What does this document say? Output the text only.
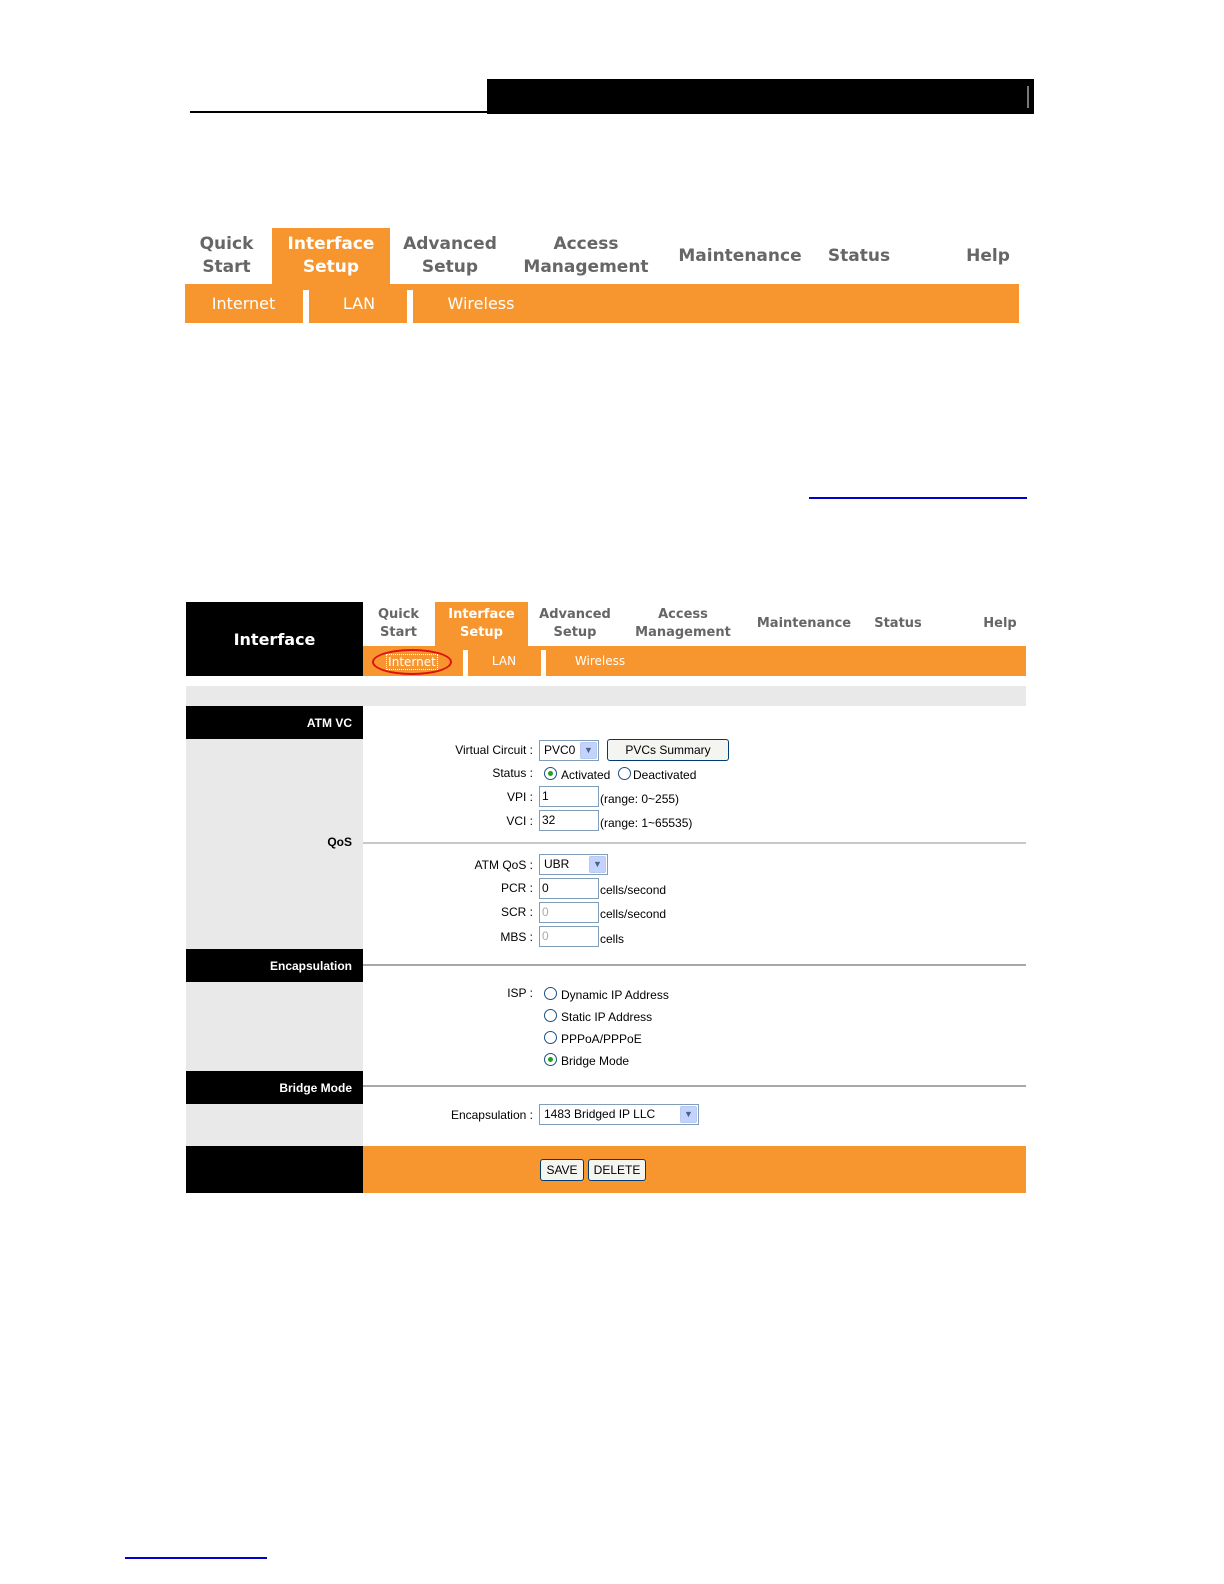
Quick
Start
Interface
Setup
Advanced
Setup
Access
Management
Maintenance Status	Help
Internet	LAN	Wireless
Interface
Quick
Start
Interface
Setup
Advanced
Setup
Access
Management
Maintenance Status	Help
Internet	LAN	Wireless
ATM VC
QoS
Encapsulation
Bridge Mode
Virtual Circuit : PVC0 ▼	PVCs Summary
Status : Activated Deactivated
VPI : 1	(range: 0~255)
VCI : 32	(range: 1~65535)
ATM QoS : UBR	▼
PCR : 0	cells/second
SCR : 0	cells/second
MBS : 0	cells
ISP : Dynamic IP Address
Static IP Address
PPPoA/PPPoE
Bridge Mode
Encapsulation : 1483 Bridged IP LLC	▼
SAVE	DELETE
